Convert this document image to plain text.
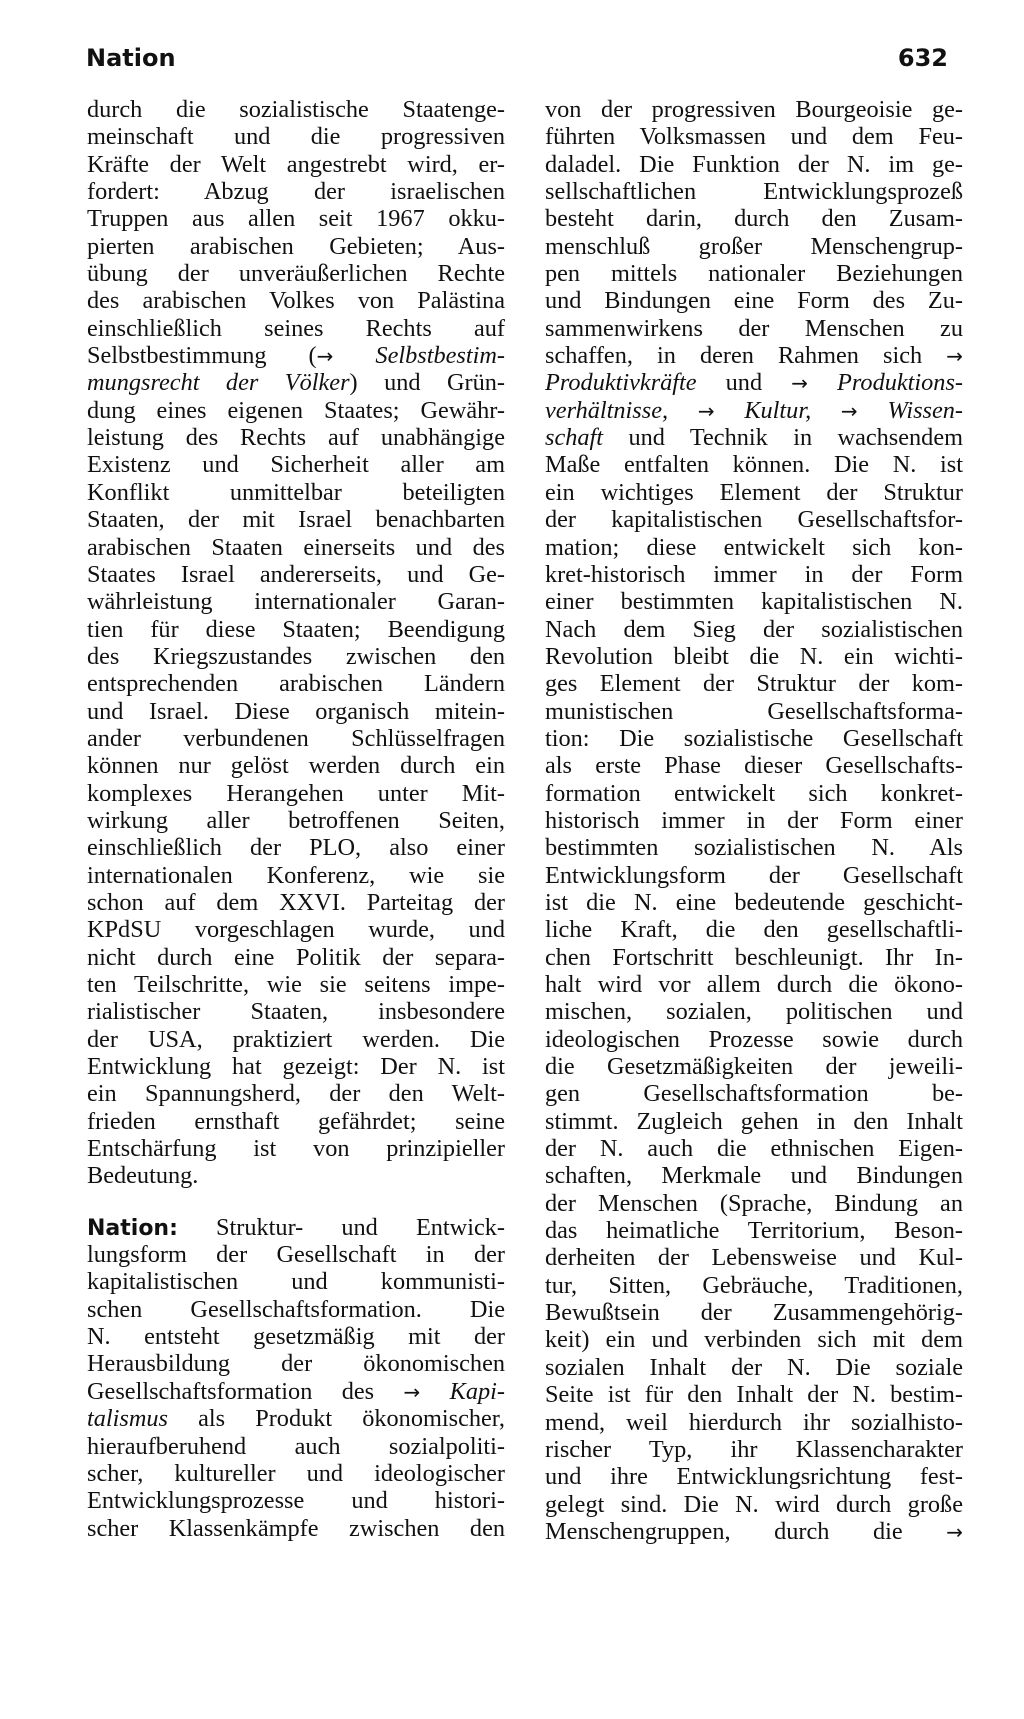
Nation	632
durch die sozialistische Staatenge-
meinschaft und die progressiven
Kräfte der Welt angestrebt wird, er-
fordert: Abzug der israelischen
Truppen aus allen seit 1967 okku-
pierten arabischen Gebieten; Aus-
übung der unveräußerlichen Rechte
des arabischen Volkes von Palästina
einschließlich seines Rechts auf
Selbstbestimmung (→ Selbstbestim-
mungsrecht der Völker) und Grün-
dung eines eigenen Staates; Gewähr-
leistung des Rechts auf unabhängige
Existenz und Sicherheit aller am
Konflikt unmittelbar beteiligten
Staaten, der mit Israel benachbarten
arabischen Staaten einerseits und des
Staates Israel andererseits, und Ge-
währleistung internationaler Garan-
tien für diese Staaten; Beendigung
des Kriegszustandes zwischen den
entsprechenden arabischen Ländern
und Israel. Diese organisch mitein-
ander verbundenen Schlüsselfragen
können nur gelöst werden durch ein
komplexes Herangehen unter Mit-
wirkung aller betroffenen Seiten,
einschließlich der PLO, also einer
internationalen Konferenz, wie sie
schon auf dem XXVI. Parteitag der
KPdSU vorgeschlagen wurde, und
nicht durch eine Politik der separa-
ten Teilschritte, wie sie seitens impe-
rialistischer Staaten, insbesondere
der USA, praktiziert werden. Die
Entwicklung hat gezeigt: Der N. ist
ein Spannungsherd, der den Welt-
frieden ernsthaft gefährdet; seine
Entschärfung ist von prinzipieller
Bedeutung.
Nation: Struktur- und Entwick-
lungsform der Gesellschaft in der
kapitalistischen und kommunisti-
schen Gesellschaftsformation. Die
N. entsteht gesetzmäßig mit der
Herausbildung der ökonomischen
Gesellschaftsformation des → Kapi-
talismus als Produkt ökonomischer,
hieraufberuhend auch sozialpoliti-
scher, kultureller und ideologischer
Entwicklungsprozesse und histori-
scher Klassenkämpfe zwischen den
von der progressiven Bourgeoisie ge-
führten Volksmassen und dem Feu-
daladel. Die Funktion der N. im ge-
sellschaftlichen Entwicklungsprozeß
besteht darin, durch den Zusam-
menschluß großer Menschengrup-
pen mittels nationaler Beziehungen
und Bindungen eine Form des Zu-
sammenwirkens der Menschen zu
schaffen, in deren Rahmen sich →
Produktivkräfte und → Produktions-
verhältnisse, → Kultur, → Wissen-
schaft und Technik in wachsendem
Maße entfalten können. Die N. ist
ein wichtiges Element der Struktur
der kapitalistischen Gesellschaftsfor-
mation; diese entwickelt sich kon-
kret-historisch immer in der Form
einer bestimmten kapitalistischen N.
Nach dem Sieg der sozialistischen
Revolution bleibt die N. ein wichti-
ges Element der Struktur der kom-
munistischen Gesellschaftsforma-
tion: Die sozialistische Gesellschaft
als erste Phase dieser Gesellschafts-
formation entwickelt sich konkret-
historisch immer in der Form einer
bestimmten sozialistischen N. Als
Entwicklungsform der Gesellschaft
ist die N. eine bedeutende geschicht-
liche Kraft, die den gesellschaftli-
chen Fortschritt beschleunigt. Ihr In-
halt wird vor allem durch die ökono-
mischen, sozialen, politischen und
ideologischen Prozesse sowie durch
die Gesetzmäßigkeiten der jeweili-
gen Gesellschaftsformation be-
stimmt. Zugleich gehen in den Inhalt
der N. auch die ethnischen Eigen-
schaften, Merkmale und Bindungen
der Menschen (Sprache, Bindung an
das heimatliche Territorium, Beson-
derheiten der Lebensweise und Kul-
tur, Sitten, Gebräuche, Traditionen,
Bewußtsein der Zusammengehörig-
keit) ein und verbinden sich mit dem
sozialen Inhalt der N. Die soziale
Seite ist für den Inhalt der N. bestim-
mend, weil hierdurch ihr sozialhisto-
rischer Typ, ihr Klassencharakter
und ihre Entwicklungsrichtung fest-
gelegt sind. Die N. wird durch große
Menschengruppen, durch die →
